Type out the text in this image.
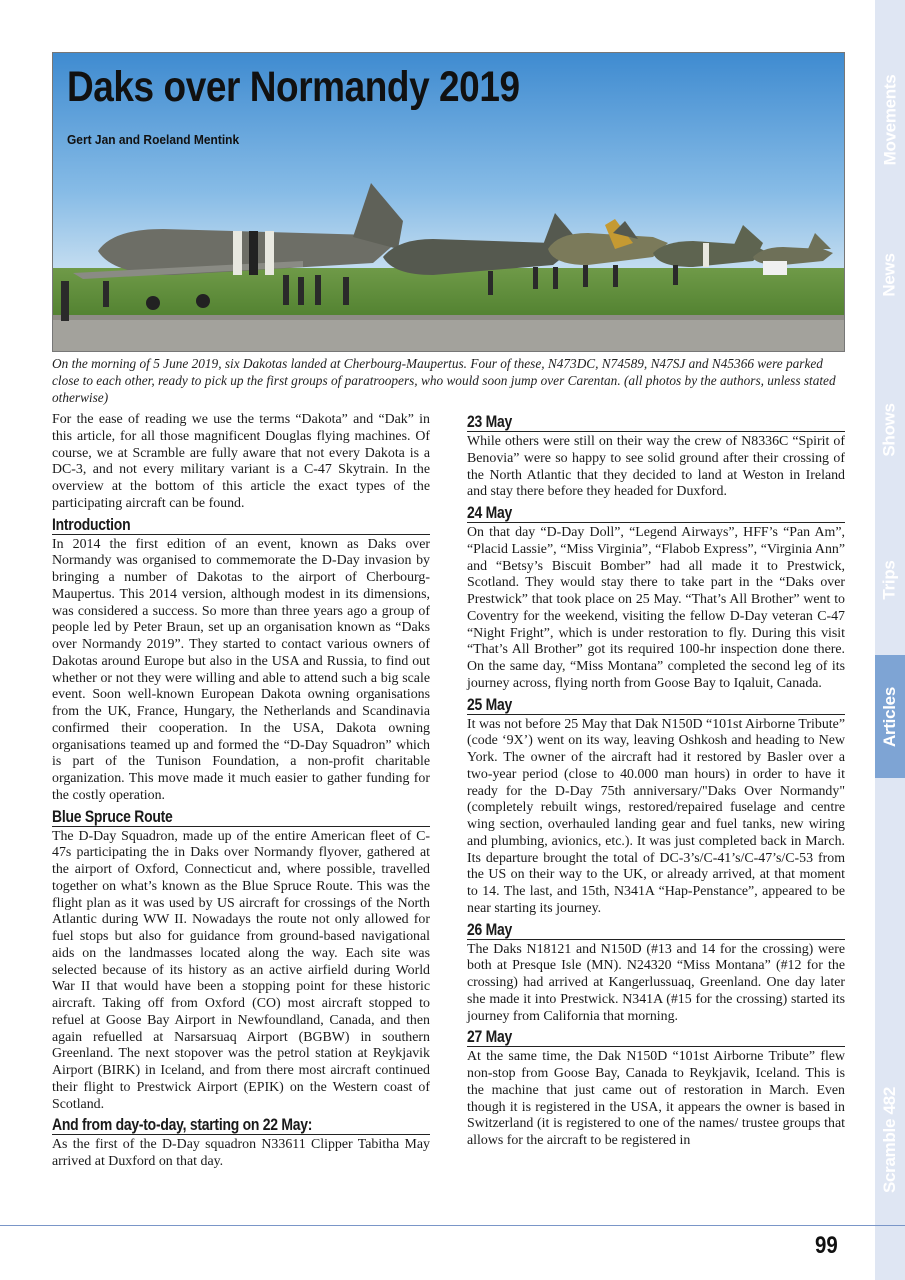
Daks over Normandy 2019
Gert Jan and Roeland Mentink

On the morning of 5 June 2019, six Dakotas landed at Cherbourg-Maupertus. Four of these, N473DC, N74589, N47SJ and N45366 were parked close to each other, ready to pick up the first groups of paratroopers, who would soon jump over Carentan. (all photos by the authors, unless stated otherwise)

For the ease of reading we use the terms “Dakota” and “Dak” in this article, for all those magnificent Douglas flying machines. Of course, we at Scramble are fully aware that not every Dakota is a DC-3, and not every military variant is a C-47 Skytrain. In the overview at the bottom of this article the exact types of the participating aircraft can be found.

Introduction

In 2014 the first edition of an event, known as Daks over Normandy was organised to commemorate the D-Day invasion by bringing a number of Dakotas to the airport of Cherbourg-Maupertus. This 2014 version, although modest in its dimensions, was considered a success. So more than three years ago a group of people led by Peter Braun, set up an organisation known as “Daks over Normandy 2019”. They started to contact various owners of Dakotas around Europe but also in the USA and Russia, to find out whether or not they were willing and able to attend such a big scale event. Soon well-known European Dakota owning organisations from the UK, France, Hungary, the Netherlands and Scandinavia confirmed their cooperation. In the USA, Dakota owning organisations teamed up and formed the “D-Day Squadron” which is part of the Tunison Foundation, a non-profit charitable organization. This move made it much easier to gather funding for the costly operation.

Blue Spruce Route

The D-Day Squadron, made up of the entire American fleet of C-47s participating the in Daks over Normandy flyover, gathered at the airport of Oxford, Connecticut and, where possible, travelled together on what’s known as the Blue Spruce Route. This was the flight plan as it was used by US aircraft for crossings of the North Atlantic during WW II. Nowadays the route not only allowed for fuel stops but also for guidance from ground-based navigational aids on the landmasses located along the way. Each site was selected because of its history as an active airfield during World War II that would have been a stopping point for these historic aircraft. Taking off from Oxford (CO) most aircraft stopped to refuel at Goose Bay Airport in Newfoundland, Canada, and then again refuelled at Narsarsuaq Airport (BGBW) in southern Greenland. The next stopover was the petrol station at Reykjavik Airport (BIRK) in Iceland, and from there most aircraft continued their flight to Prestwick Airport (EPIK) on the Western coast of Scotland.

And from day-to-day, starting on 22 May:

As the first of the D-Day squadron N33611 Clipper Tabitha May arrived at Duxford on that day.

23 May

While others were still on their way the crew of N8336C “Spirit of Benovia” were so happy to see solid ground after their crossing of the North Atlantic that they decided to land at Weston in Ireland and stay there before they headed for Duxford.

24 May

On that day “D-Day Doll”, “Legend Airways”, HFF’s “Pan Am”, “Placid Lassie”, “Miss Virginia”, “Flabob Express”, “Virginia Ann” and “Betsy’s Biscuit Bomber” had all made it to Prestwick, Scotland. They would stay there to take part in the “Daks over Prestwick” that took place on 25 May. “That’s All Brother” went to Coventry for the weekend, visiting the fellow D-Day veteran C-47 “Night Fright”, which is under restoration to fly. During this visit “That’s All Brother” got its required 100-hr inspection done there. On the same day, “Miss Montana” completed the second leg of its journey across, flying north from Goose Bay to Iqaluit, Canada.

25 May

It was not before 25 May that Dak N150D “101st Airborne Tribute” (code ‘9X’) went on its way, leaving Oshkosh and heading to New York. The owner of the aircraft had it restored by Basler over a two-year period (close to 40.000 man hours) in order to have it ready for the D-Day 75th anniversary/"Daks Over Normandy" (completely rebuilt wings, restored/repaired fuselage and centre wing section, overhauled landing gear and fuel tanks, new wiring and plumbing, avionics, etc.). It was just completed back in March. Its departure brought the total of DC-3’s/C-41’s/C-47’s/C-53 from the US on their way to the UK, or already arrived, at that moment to 14. The last, and 15th, N341A “Hap-Penstance”, appeared to be near starting its journey.

26 May

The Daks N18121 and N150D (#13 and 14 for the crossing) were both at Presque Isle (MN). N24320 “Miss Montana” (#12 for the crossing) had arrived at Kangerlussuaq, Greenland. One day later she made it into Prestwick. N341A (#15 for the crossing) started its journey from California that morning.

27 May

At the same time, the Dak N150D “101st Airborne Tribute” flew non-stop from Goose Bay, Canada to Reykjavik, Iceland. This is the machine that just came out of restoration in March. Even though it is registered in the USA, it appears the owner is based in Switzerland (it is registered to one of the names/ trustee groups that allows for the aircraft to be registered in

Movements
News
Shows
Trips
Articles
Scramble 482
99
